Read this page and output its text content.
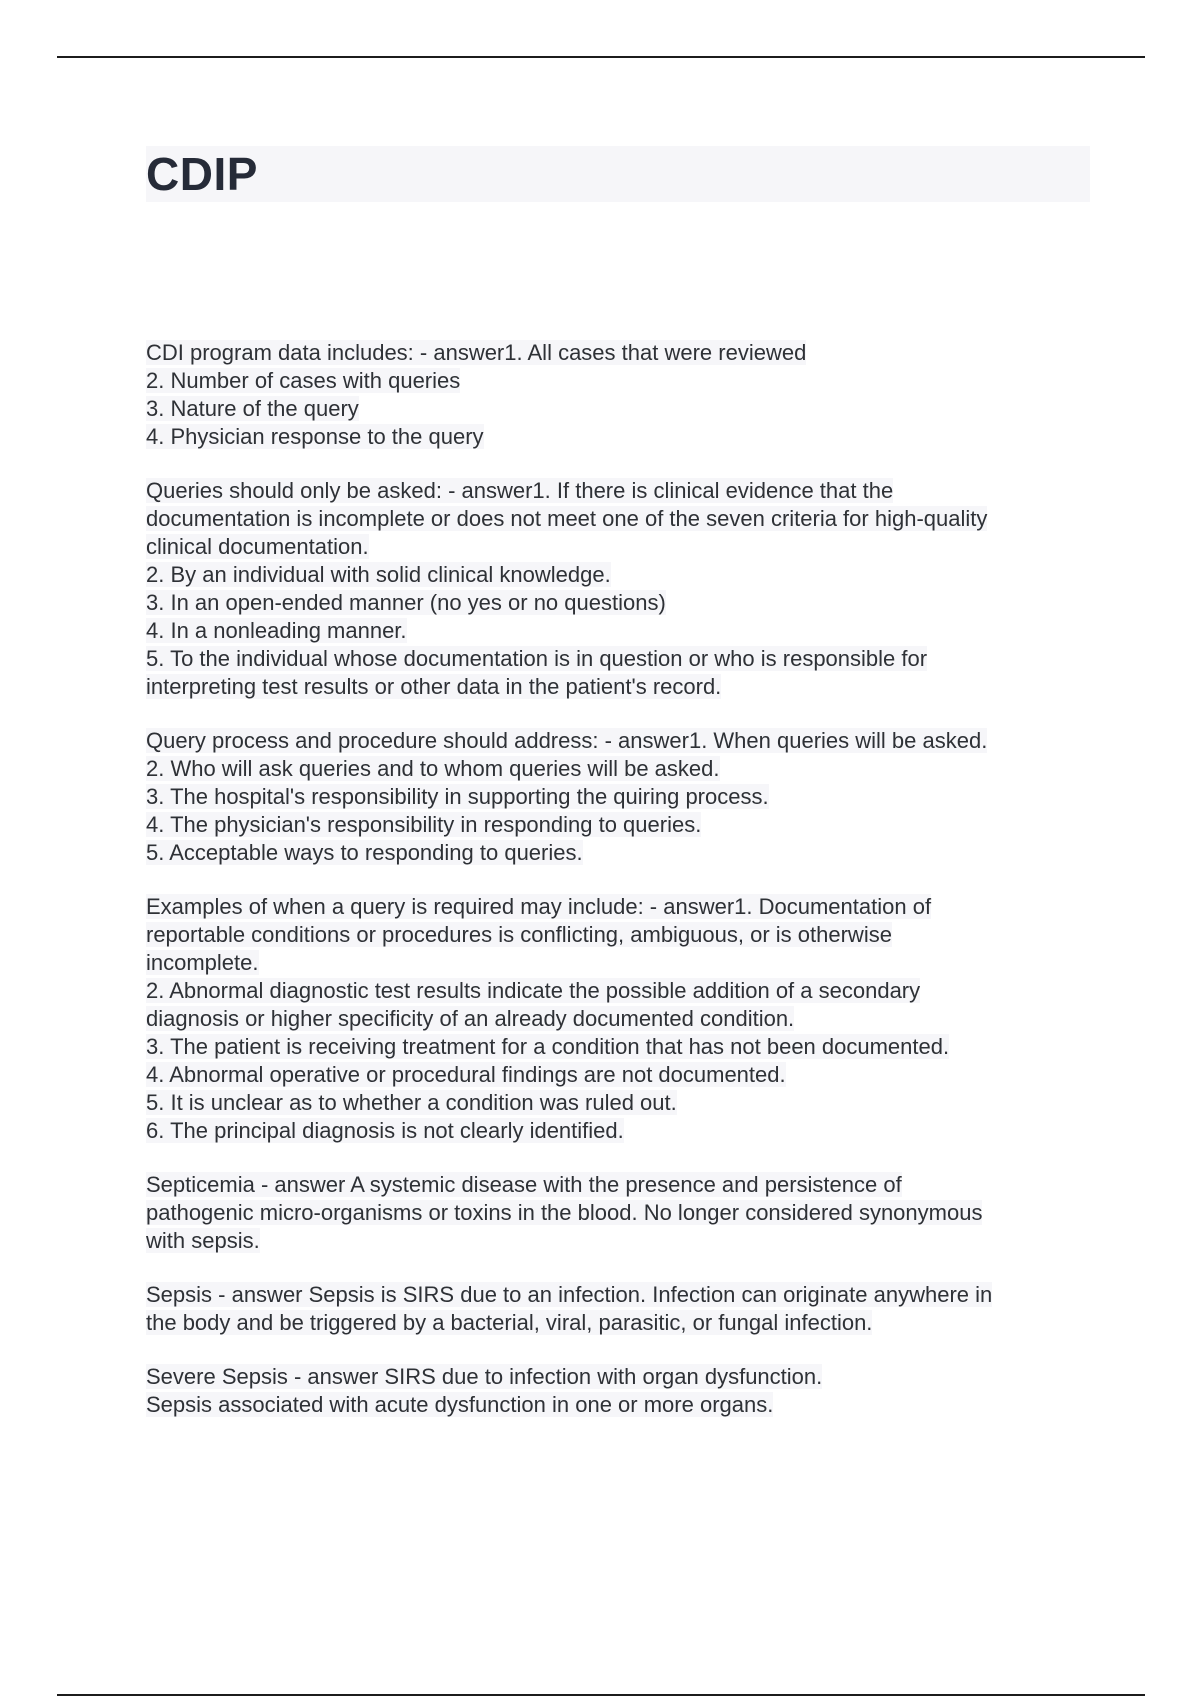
CDIP

CDI program data includes: - answer1. All cases that were reviewed
2. Number of cases with queries
3. Nature of the query
4. Physician response to the query

Queries should only be asked: - answer1. If there is clinical evidence that the
documentation is incomplete or does not meet one of the seven criteria for high-quality
clinical documentation.
2. By an individual with solid clinical knowledge.
3. In an open-ended manner (no yes or no questions)
4. In a nonleading manner.
5. To the individual whose documentation is in question or who is responsible for
interpreting test results or other data in the patient's record.

Query process and procedure should address: - answer1. When queries will be asked.
2. Who will ask queries and to whom queries will be asked.
3. The hospital's responsibility in supporting the quiring process.
4. The physician's responsibility in responding to queries.
5. Acceptable ways to responding to queries.

Examples of when a query is required may include: - answer1. Documentation of
reportable conditions or procedures is conflicting, ambiguous, or is otherwise
incomplete.
2. Abnormal diagnostic test results indicate the possible addition of a secondary
diagnosis or higher specificity of an already documented condition.
3. The patient is receiving treatment for a condition that has not been documented.
4. Abnormal operative or procedural findings are not documented.
5. It is unclear as to whether a condition was ruled out.
6. The principal diagnosis is not clearly identified.

Septicemia - answer A systemic disease with the presence and persistence of
pathogenic micro-organisms or toxins in the blood. No longer considered synonymous
with sepsis.

Sepsis - answer Sepsis is SIRS due to an infection. Infection can originate anywhere in
the body and be triggered by a bacterial, viral, parasitic, or fungal infection.

Severe Sepsis - answer SIRS due to infection with organ dysfunction.
Sepsis associated with acute dysfunction in one or more organs.
